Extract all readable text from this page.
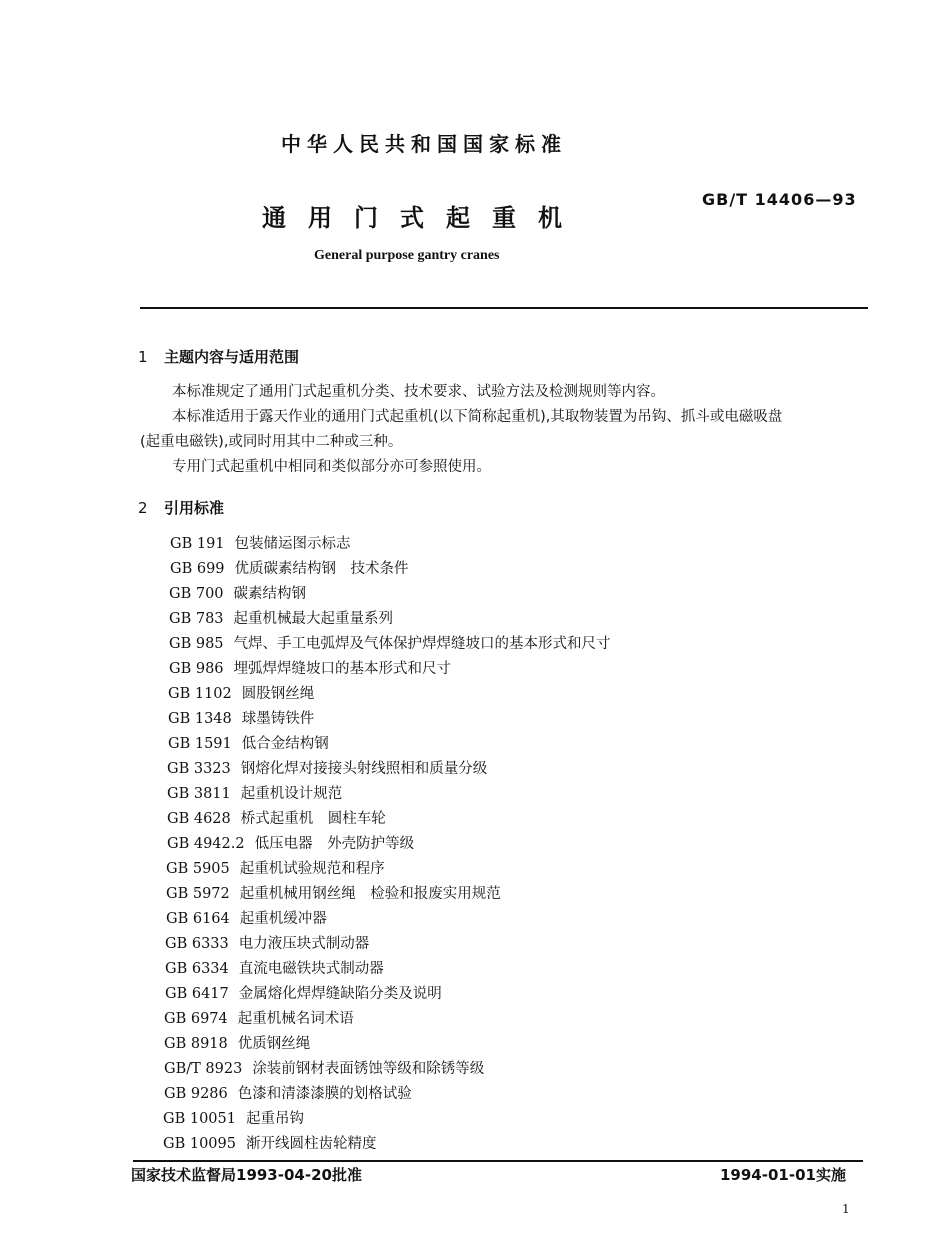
中华人民共和国国家标准
通用门式起重机
GB/T 14406—93
General purpose gantry cranes
1 主题内容与适用范围
本标准规定了通用门式起重机分类、技术要求、试验方法及检测规则等内容。
本标准适用于露天作业的通用门式起重机(以下简称起重机),其取物装置为吊钩、抓斗或电磁吸盘
(起重电磁铁),或同时用其中二种或三种。
专用门式起重机中相同和类似部分亦可参照使用。
2 引用标准
GB 191 包装储运图示标志
GB 699 优质碳素结构钢　技术条件
GB 700 碳素结构钢
GB 783 起重机械最大起重量系列
GB 985 气焊、手工电弧焊及气体保护焊焊缝坡口的基本形式和尺寸
GB 986 埋弧焊焊缝坡口的基本形式和尺寸
GB 1102 圆股钢丝绳
GB 1348 球墨铸铁件
GB 1591 低合金结构钢
GB 3323 钢熔化焊对接接头射线照相和质量分级
GB 3811 起重机设计规范
GB 4628 桥式起重机　圆柱车轮
GB 4942.2 低压电器　外壳防护等级
GB 5905 起重机试验规范和程序
GB 5972 起重机械用钢丝绳　检验和报废实用规范
GB 6164 起重机缓冲器
GB 6333 电力液压块式制动器
GB 6334 直流电磁铁块式制动器
GB 6417 金属熔化焊焊缝缺陷分类及说明
GB 6974 起重机械名词术语
GB 8918 优质钢丝绳
GB/T 8923 涂装前钢材表面锈蚀等级和除锈等级
GB 9286 色漆和清漆漆膜的划格试验
GB 10051 起重吊钩
GB 10095 渐开线圆柱齿轮精度
国家技术监督局1993-04-20批准	1994-01-01实施
1
